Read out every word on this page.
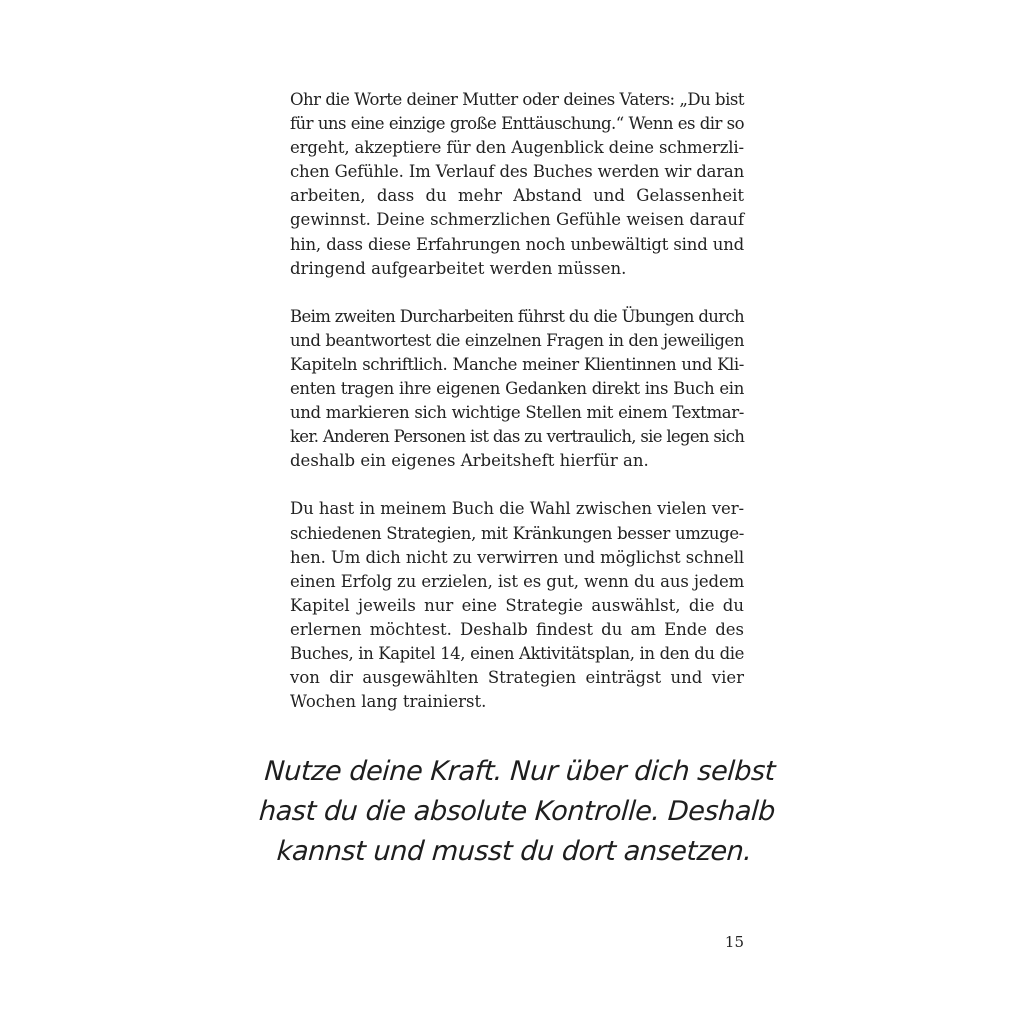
Ohr die Worte deiner Mutter oder deines Vaters: „Du bist
für uns eine einzige große Enttäuschung.“ Wenn es dir so
ergeht, akzeptiere für den Augenblick deine schmerzli-
chen Gefühle. Im Verlauf des Buches werden wir daran
arbeiten, dass du mehr Abstand und Gelassenheit
gewinnst. Deine schmerzlichen Gefühle weisen darauf
hin, dass diese Erfahrungen noch unbewältigt sind und
dringend aufgearbeitet werden müssen.

Beim zweiten Durcharbeiten führst du die Übungen durch
und beantwortest die einzelnen Fragen in den jeweiligen
Kapiteln schriftlich. Manche meiner Klientinnen und Kli-
enten tragen ihre eigenen Gedanken direkt ins Buch ein
und markieren sich wichtige Stellen mit einem Textmar-
ker. Anderen Personen ist das zu vertraulich, sie legen sich
deshalb ein eigenes Arbeitsheft hierfür an.

Du hast in meinem Buch die Wahl zwischen vielen ver-
schiedenen Strategien, mit Kränkungen besser umzuge-
hen. Um dich nicht zu verwirren und möglichst schnell
einen Erfolg zu erzielen, ist es gut, wenn du aus jedem
Kapitel jeweils nur eine Strategie auswählst, die du
erlernen möchtest. Deshalb findest du am Ende des
Buches, in Kapitel 14, einen Aktivitätsplan, in den du die
von dir ausgewählten Strategien einträgst und vier
Wochen lang trainierst.

Nutze deine Kraft. Nur über dich selbst
hast du die absolute Kontrolle. Deshalb
kannst und musst du dort ansetzen.
15
